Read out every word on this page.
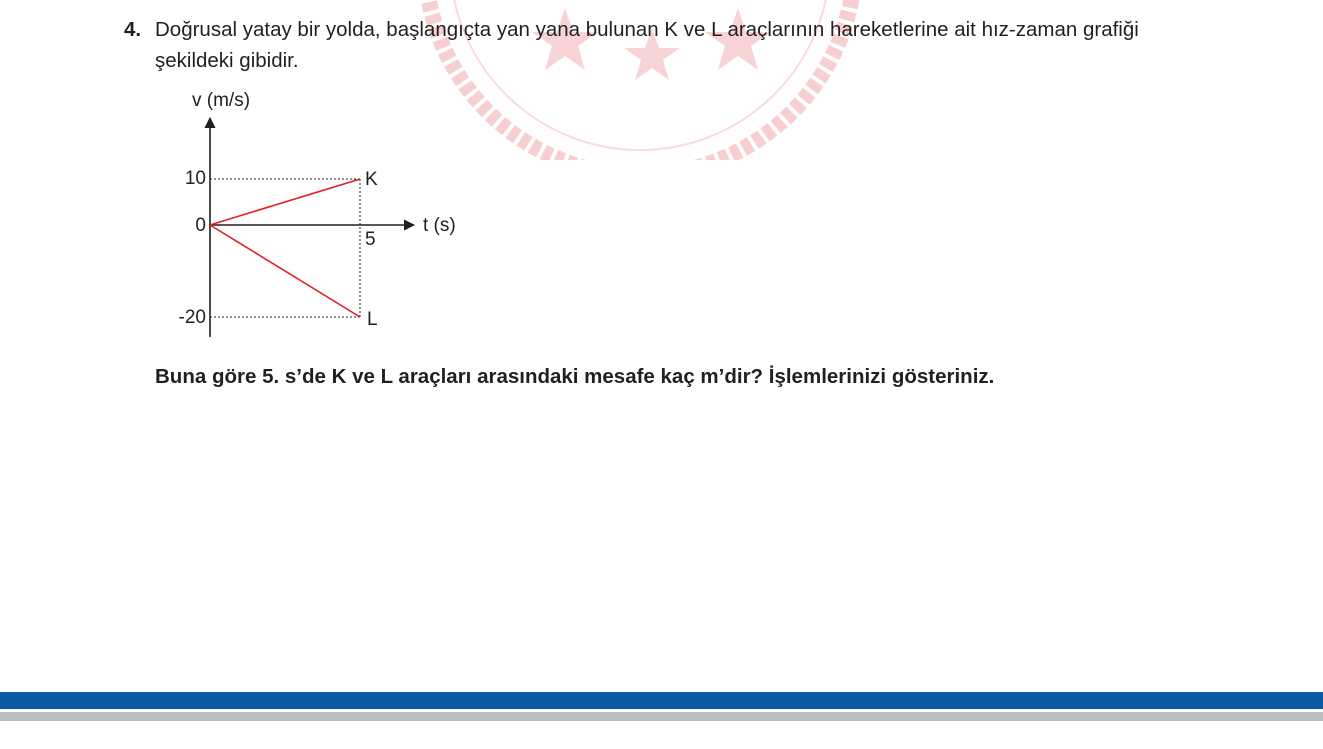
4. Doğrusal yatay bir yolda, başlangıçta yan yana bulunan K ve L araçlarının hareketlerine ait hız-zaman grafiği şekildeki gibidir.
v (m/s)
t (s)
10
0
-20
5
K
L
Buna göre 5. s’de K ve L araçları arasındaki mesafe kaç m’dir? İşlemlerinizi gösteriniz.
